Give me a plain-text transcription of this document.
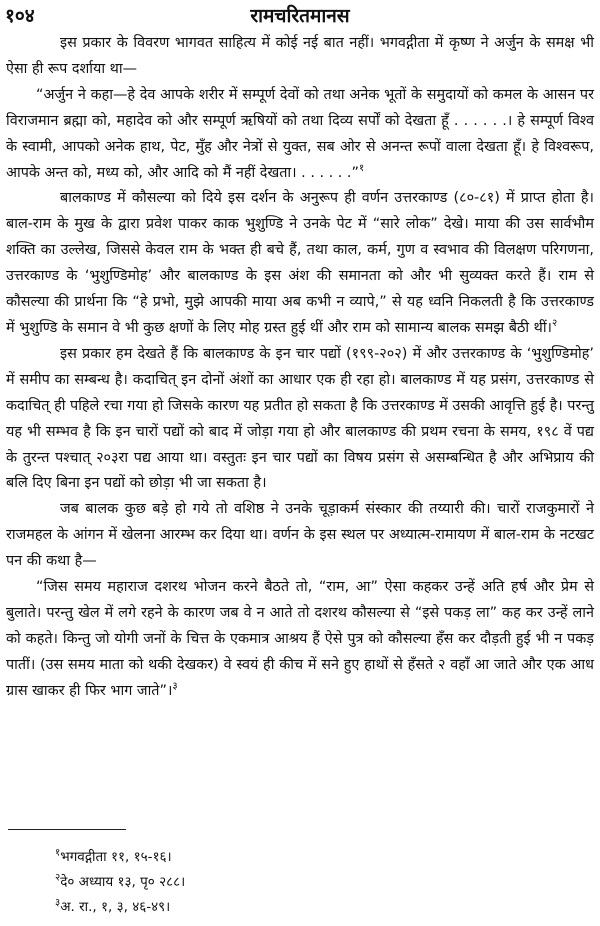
१०४	रामचरितमानस

इस प्रकार के विवरण भागवत साहित्य में कोई नई बात नहीं। भगवद्गीता में कृष्ण ने अर्जुन के समक्ष भी ऐसा ही रूप दर्शाया था—

“अर्जुन ने कहा—हे देव आपके शरीर में सम्पूर्ण देवों को तथा अनेक भूतों के समुदायों को कमल के आसन पर विराजमान ब्रह्मा को, महादेव को और सम्पूर्ण ऋषियों को तथा दिव्य सर्पों को देखता हूँ . . . . . .। हे सम्पूर्ण विश्व के स्वामी, आपको अनेक हाथ, पेट, मुँह और नेत्रों से युक्त, सब ओर से अनन्त रूपों वाला देखता हूँ। हे विश्वरूप, आपके अन्त को, मध्य को, और आदि को मैं नहीं देखता। . . . . . .”$^१$

बालकाण्ड में कौसल्या को दिये इस दर्शन के अनुरूप ही वर्णन उत्तरकाण्ड (८०-८१) में प्राप्त होता है। बाल-राम के मुख के द्वारा प्रवेश पाकर काक भुशुण्डि ने उनके पेट में “सारे लोक” देखे। माया की उस सार्वभौम शक्ति का उल्लेख, जिससे केवल राम के भक्त ही बचे हैं, तथा काल, कर्म, गुण व स्वभाव की विलक्षण परिगणना, उत्तरकाण्ड के ‘भुशुण्डिमोह’ और बालकाण्ड के इस अंश की समानता को और भी सुव्यक्त करते हैं। राम से कौसल्या की प्रार्थना कि “हे प्रभो, मुझे आपकी माया अब कभी न व्यापे,” से यह ध्वनि निकलती है कि उत्तरकाण्ड में भुशुण्डि के समान वे भी कुछ क्षणों के लिए मोह ग्रस्त हुई थीं और राम को सामान्य बालक समझ बैठी थीं।$^२$

इस प्रकार हम देखते हैं कि बालकाण्ड के इन चार पद्यों (१९९-२०२) में और उत्तरकाण्ड के ‘भुशुण्डिमोह’ में समीप का सम्बन्ध है। कदाचित् इन दोनों अंशों का आधार एक ही रहा हो। बालकाण्ड में यह प्रसंग, उत्तरकाण्ड से कदाचित् ही पहिले रचा गया हो जिसके कारण यह प्रतीत हो सकता है कि उत्तरकाण्ड में उसकी आवृत्ति हुई है। परन्तु यह भी सम्भव है कि इन चारों पद्यों को बाद में जोड़ा गया हो और बालकाण्ड की प्रथम रचना के समय, १९८ वें पद्य के तुरन्त पश्चात् २०३रा पद्य आया था। वस्तुतः इन चार पद्यों का विषय प्रसंग से असम्बन्धित है और अभिप्राय की बलि दिए बिना इन पद्यों को छोड़ा भी जा सकता है।

जब बालक कुछ बड़े हो गये तो वशिष्ठ ने उनके चूड़ाकर्म संस्कार की तय्यारी की। चारों राजकुमारों ने राजमहल के आंगन में खेलना आरम्भ कर दिया था। वर्णन के इस स्थल पर अध्यात्म-रामायण में बाल-राम के नटखट पन की कथा है—

“जिस समय महाराज दशरथ भोजन करने बैठते तो, “राम, आ” ऐसा कहकर उन्हें अति हर्ष और प्रेम से बुलाते। परन्तु खेल में लगे रहने के कारण जब वे न आते तो दशरथ कौसल्या से “इसे पकड़ ला” कह कर उन्हें लाने को कहते। किन्तु जो योगी जनों के चित्त के एकमात्र आश्रय हैं ऐसे पुत्र को कौसल्या हँस कर दौड़ती हुई भी न पकड़ पातीं। (उस समय माता को थकी देखकर) वे स्वयं ही कीच में सने हुए हाथों से हँसते २ वहाँ आ जाते और एक आध ग्रास खाकर ही फिर भाग जाते”।$^३$

$^१$भगवद्गीता ११, १५-१६।
$^२$दे० अध्याय १३, पृ० २८८।
$^३$अ. रा., १, ३, ४६-४९।
